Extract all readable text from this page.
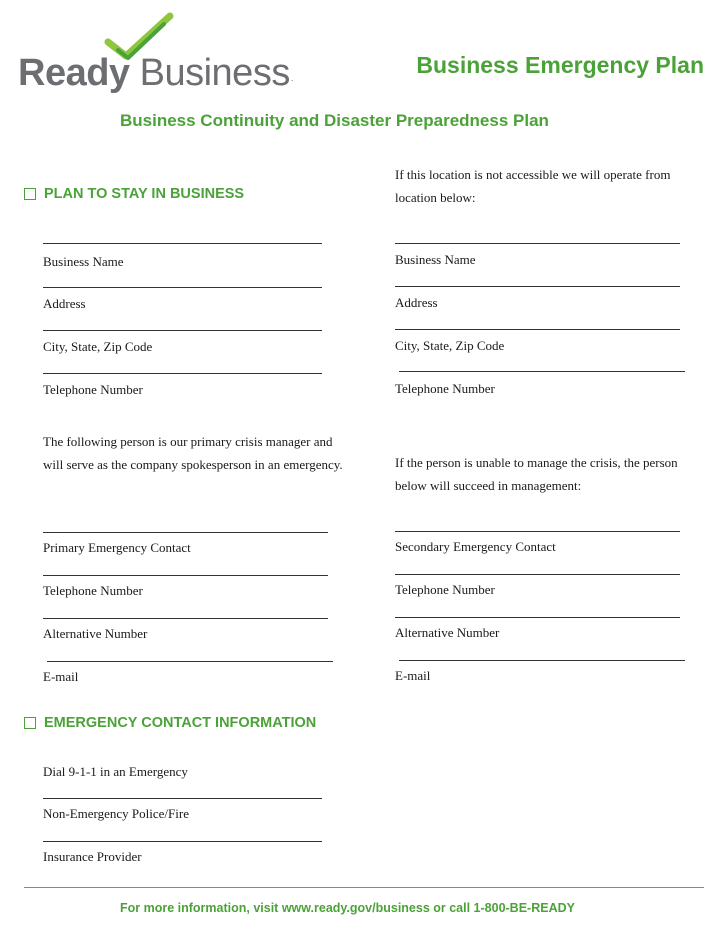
Ready Business.	Business Emergency Plan
Business Continuity and Disaster Preparedness Plan
PLAN TO STAY IN BUSINESS
If this location is not accessible we will operate from location below:
Business Name
Address
City, State, Zip Code
Telephone Number
Business Name
Address
City, State, Zip Code
Telephone Number
The following person is our primary crisis manager and will serve as the company spokesperson in an emergency.	If the person is unable to manage the crisis, the person below will succeed in management:
Primary Emergency Contact
Telephone Number
Alternative Number
E-mail
Secondary Emergency Contact
Telephone Number
Alternative Number
E-mail
EMERGENCY CONTACT INFORMATION
Dial 9-1-1 in an Emergency
Non-Emergency Police/Fire
Insurance Provider
For more information, visit www.ready.gov/business or call 1-800-BE-READY
